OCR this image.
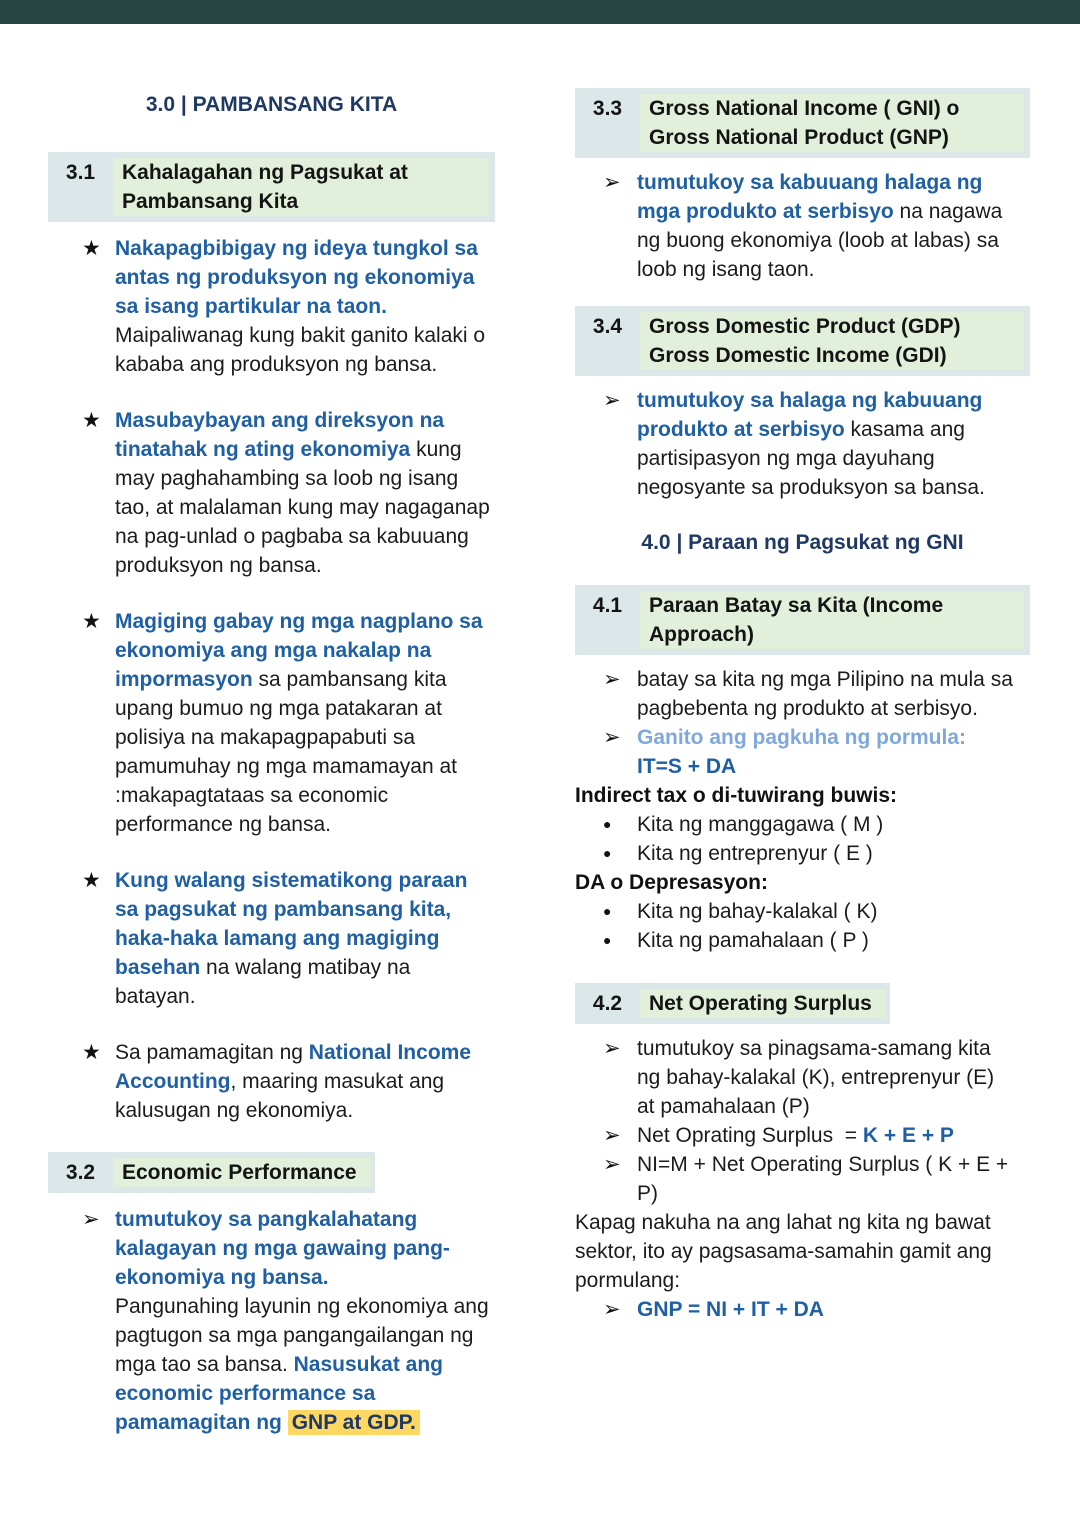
3.0 | PAMBANSANG KITA
3.1	Kahalagahan ng Pagsukat at Pambansang Kita
★ Nakapagbibigay ng ideya tungkol sa antas ng produksyon ng ekonomiya sa isang partikular na taon.
Maipaliwanag kung bakit ganito kalaki o kababa ang produksyon ng bansa.
★ Masubaybayan ang direksyon na tinatahak ng ating ekonomiya kung may paghahambing sa loob ng isang tao, at malalaman kung may nagaganap na pag-unlad o pagbaba sa kabuuang produksyon ng bansa.
★ Magiging gabay ng mga nagplano sa ekonomiya ang mga nakalap na impormasyon sa pambansang kita upang bumuo ng mga patakaran at polisiya na makapagpapabuti sa pamumuhay ng mga mamamayan at :makapagtataas sa economic performance ng bansa.
★ Kung walang sistematikong paraan sa pagsukat ng pambansang kita, haka-haka lamang ang magiging basehan na walang matibay na batayan.
★ Sa pamamagitan ng National Income Accounting, maaring masukat ang kalusugan ng ekonomiya.
3.2	Economic Performance
➢ tumutukoy sa pangkalahatang kalagayan ng mga gawaing pang-ekonomiya ng bansa.
Pangunahing layunin ng ekonomiya ang pagtugon sa mga pangangailangan ng mga tao sa bansa. Nasusukat ang economic performance sa pamamagitan ng GNP at GDP.
3.3	Gross National Income ( GNI) o Gross National Product (GNP)
➢ tumutukoy sa kabuuang halaga ng mga produkto at serbisyo na nagawa ng buong ekonomiya (loob at labas) sa loob ng isang taon.
3.4	Gross Domestic Product (GDP) Gross Domestic Income (GDI)
➢ tumutukoy sa halaga ng kabuuang produkto at serbisyo kasama ang partisipasyon ng mga dayuhang negosyante sa produksyon sa bansa.
4.0 | Paraan ng Pagsukat ng GNI
4.1	Paraan Batay sa Kita (Income Approach)
➢ batay sa kita ng mga Pilipino na mula sa pagbebenta ng produkto at serbisyo.
➢ Ganito ang pagkuha ng pormula:
IT=S + DA
Indirect tax o di-tuwirang buwis:
● Kita ng manggagawa ( M )
● Kita ng entreprenyur ( E )
DA o Depresasyon:
● Kita ng bahay-kalakal ( K)
● Kita ng pamahalaan ( P )
4.2	Net Operating Surplus
➢ tumutukoy sa pinagsama-samang kita ng bahay-kalakal (K), entreprenyur (E) at pamahalaan (P)
➢ Net Oprating Surplus  = K + E + P
➢ NI=M + Net Operating Surplus ( K + E + P)
Kapag nakuha na ang lahat ng kita ng bawat sektor, ito ay pagsasama-samahin gamit ang pormulang:
➢ GNP = NI + IT + DA
